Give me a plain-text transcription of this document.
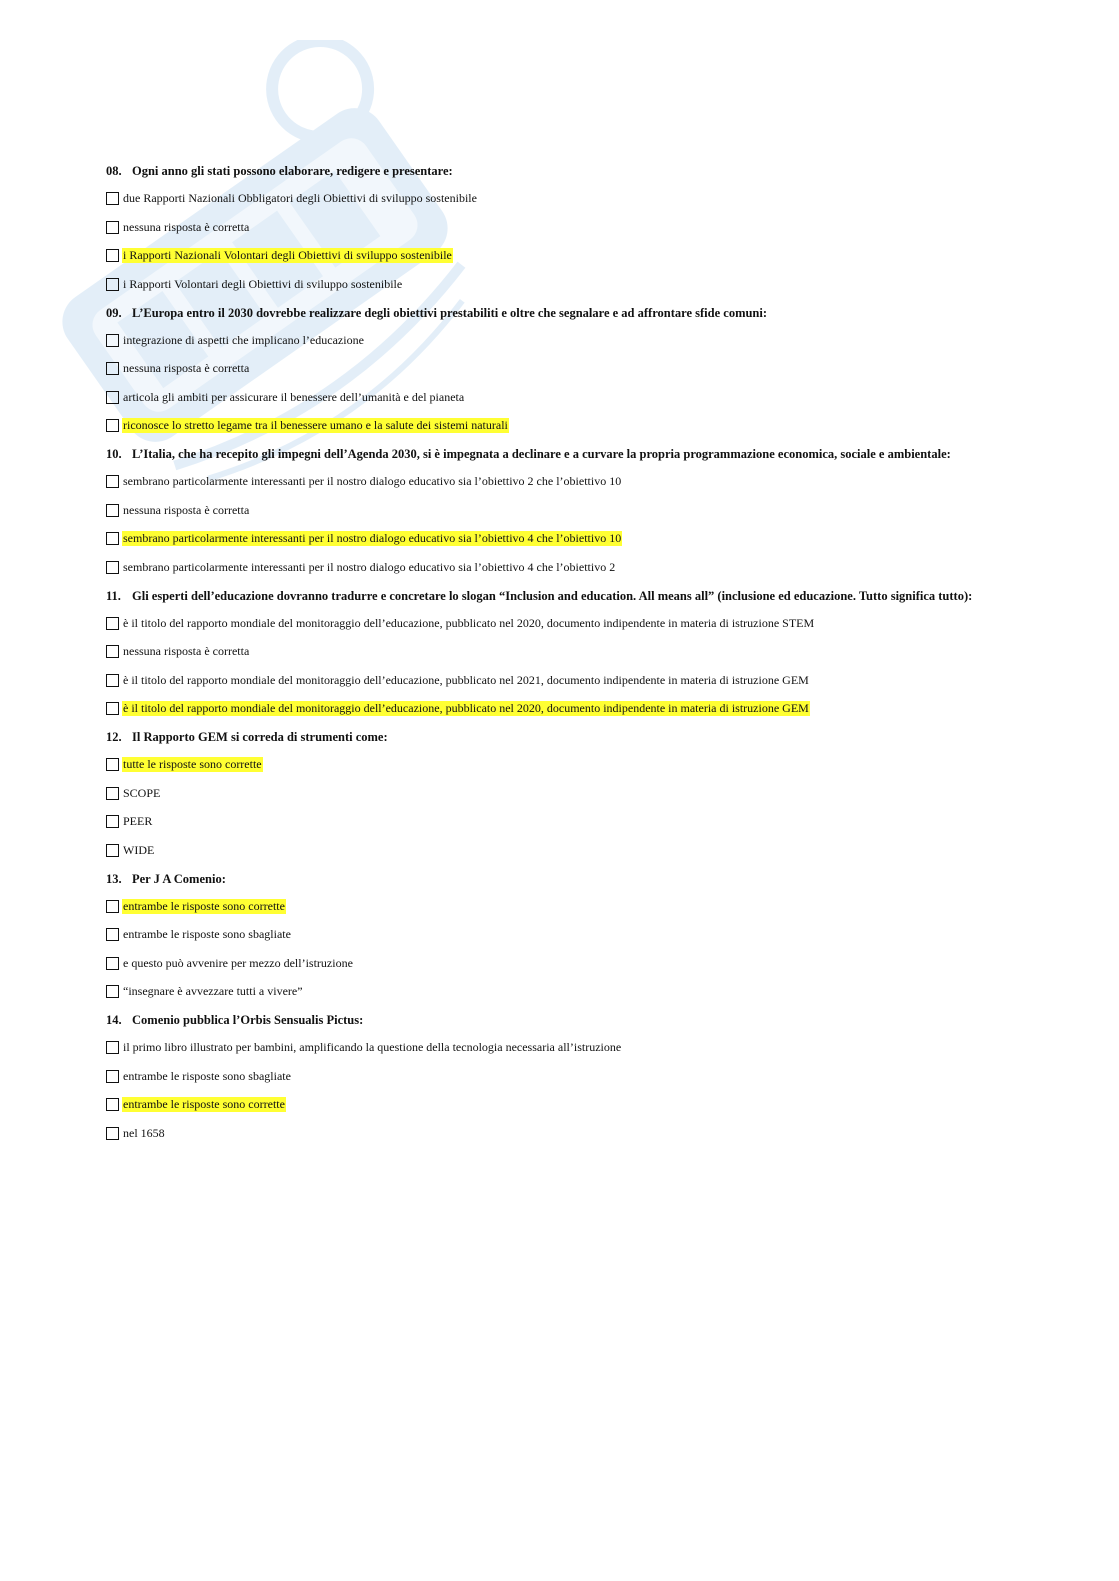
08. Ogni anno gli stati possono elaborare, redigere e presentare:
due Rapporti Nazionali Obbligatori degli Obiettivi di sviluppo sostenibile
nessuna risposta è corretta
i Rapporti Nazionali Volontari degli Obiettivi di sviluppo sostenibile
i Rapporti Volontari degli Obiettivi di sviluppo sostenibile
09. L’Europa entro il 2030 dovrebbe realizzare degli obiettivi prestabiliti e oltre che segnalare e ad affrontare sfide comuni:
integrazione di aspetti che implicano l’educazione
nessuna risposta è corretta
articola gli ambiti per assicurare il benessere dell’umanità e del pianeta
riconosce lo stretto legame tra il benessere umano e la salute dei sistemi naturali
10. L’Italia, che ha recepito gli impegni dell’Agenda 2030, si è impegnata a declinare e a curvare la propria programmazione economica, sociale e ambientale:
sembrano particolarmente interessanti per il nostro dialogo educativo sia l’obiettivo 2 che l’obiettivo 10
nessuna risposta è corretta
sembrano particolarmente interessanti per il nostro dialogo educativo sia l’obiettivo 4 che l’obiettivo 10
sembrano particolarmente interessanti per il nostro dialogo educativo sia l’obiettivo 4 che l’obiettivo 2
11. Gli esperti dell’educazione dovranno tradurre e concretare lo slogan “Inclusion and education. All means all” (inclusione ed educazione. Tutto significa tutto):
è il titolo del rapporto mondiale del monitoraggio dell’educazione, pubblicato nel 2020, documento indipendente in materia di istruzione STEM
nessuna risposta è corretta
è il titolo del rapporto mondiale del monitoraggio dell’educazione, pubblicato nel 2021, documento indipendente in materia di istruzione GEM
è il titolo del rapporto mondiale del monitoraggio dell’educazione, pubblicato nel 2020, documento indipendente in materia di istruzione GEM
12. Il Rapporto GEM si correda di strumenti come:
tutte le risposte sono corrette
SCOPE
PEER
WIDE
13. Per J A Comenio:
entrambe le risposte sono corrette
entrambe le risposte sono sbagliate
e questo può avvenire per mezzo dell’istruzione
“insegnare è avvezzare tutti a vivere”
14. Comenio pubblica l’Orbis Sensualis Pictus:
il primo libro illustrato per bambini, amplificando la questione della tecnologia necessaria all’istruzione
entrambe le risposte sono sbagliate
entrambe le risposte sono corrette
nel 1658
